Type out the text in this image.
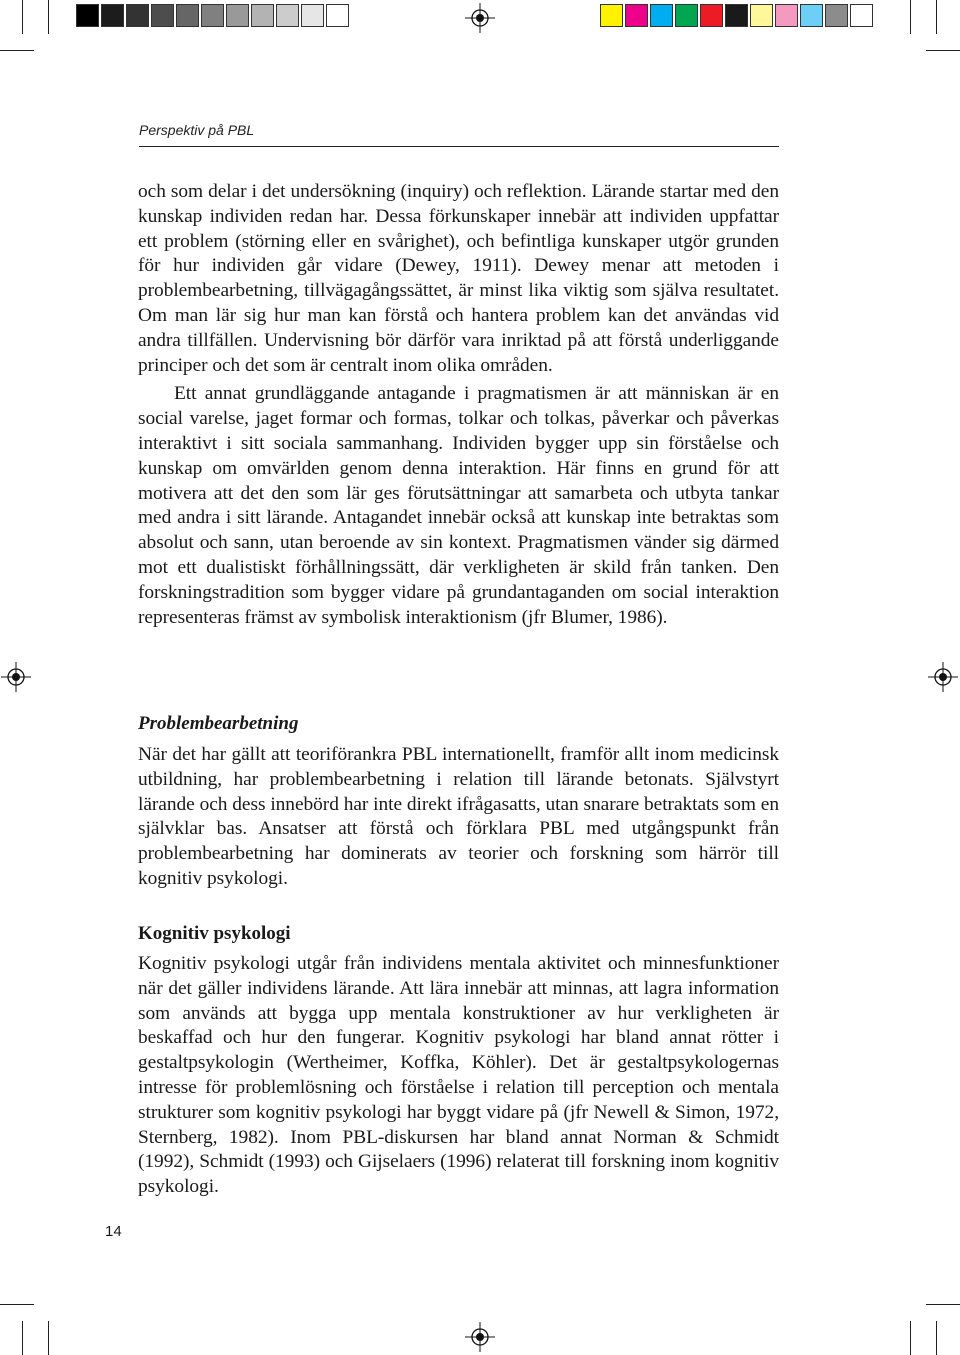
Perspektiv på PBL

och som delar i det undersökning (inquiry) och reflektion. Lärande startar med den kunskap individen redan har. Dessa förkunskaper innebär att individen uppfattar ett problem (störning eller en svårighet), och befintliga kunskaper utgör grunden för hur individen går vidare (Dewey, 1911). Dewey menar att metoden i problembearbetning, tillvägagångssättet, är minst lika viktig som själva resultatet. Om man lär sig hur man kan förstå och hantera problem kan det användas vid andra tillfällen. Undervisning bör därför vara inriktad på att förstå underliggande principer och det som är centralt inom olika områden.

Ett annat grundläggande antagande i pragmatismen är att människan är en social varelse, jaget formar och formas, tolkar och tolkas, påverkar och påverkas interaktivt i sitt sociala sammanhang. Individen bygger upp sin förståelse och kunskap om omvärlden genom denna interaktion. Här finns en grund för att motivera att det den som lär ges förutsättningar att samarbeta och utbyta tankar med andra i sitt lärande. Antagandet innebär också att kunskap inte betraktas som absolut och sann, utan beroende av sin kontext. Pragmatismen vänder sig därmed mot ett dualistiskt förhållningssätt, där verkligheten är skild från tanken. Den forskningstradition som bygger vidare på grundantaganden om social interaktion representeras främst av symbolisk interaktionism (jfr Blumer, 1986).

Problembearbetning

När det har gällt att teoriförankra PBL internationellt, framför allt inom medicinsk utbildning, har problembearbetning i relation till lärande betonats. Självstyrt lärande och dess innebörd har inte direkt ifrågasatts, utan snarare betraktats som en självklar bas. Ansatser att förstå och förklara PBL med utgångspunkt från problembearbetning har dominerats av teorier och forskning som härrör till kognitiv psykologi.

Kognitiv psykologi

Kognitiv psykologi utgår från individens mentala aktivitet och minnesfunktioner när det gäller individens lärande. Att lära innebär att minnas, att lagra information som används att bygga upp mentala konstruktioner av hur verkligheten är beskaffad och hur den fungerar. Kognitiv psykologi har bland annat rötter i gestaltpsykologin (Wertheimer, Koffka, Köhler). Det är gestaltpsykologernas intresse för problemlösning och förståelse i relation till perception och mentala strukturer som kognitiv psykologi har byggt vidare på (jfr Newell & Simon, 1972, Sternberg, 1982). Inom PBL-diskursen har bland annat Norman & Schmidt (1992), Schmidt (1993) och Gijselaers (1996) relaterat till forskning inom kognitiv psykologi.

14
